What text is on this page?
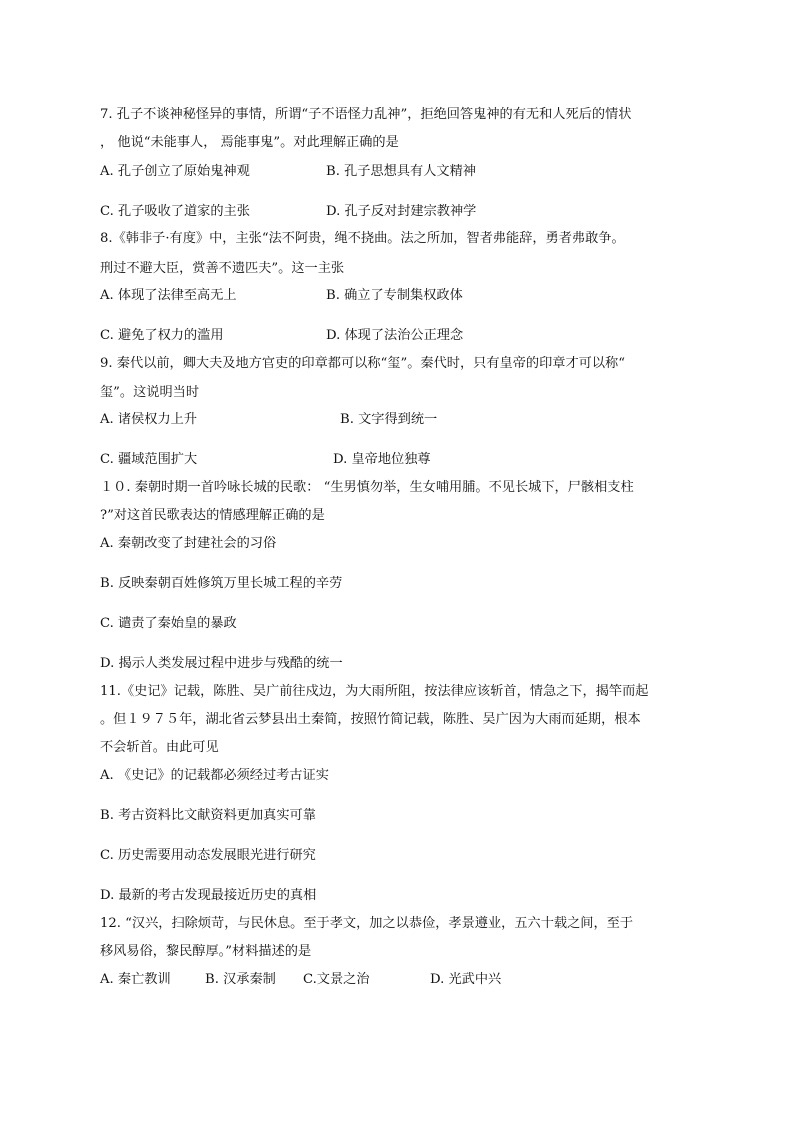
7. 孔子不谈神秘怪异的事情，所谓“子不语怪力乱神”，拒绝回答鬼神的有无和人死后的情状
， 他说“未能事人， 焉能事鬼”。对此理解正确的是
A. 孔子创立了原始鬼神观	B. 孔子思想具有人文精神
C. 孔子吸收了道家的主张	D. 孔子反对封建宗教神学
8.《韩非子·有度》中，主张“法不阿贵，绳不挠曲。法之所加，智者弗能辞，勇者弗敢争。
刑过不避大臣，赏善不遗匹夫”。这一主张
A. 体现了法律至高无上	B. 确立了专制集权政体
C. 避免了权力的滥用	D. 体现了法治公正理念
9. 秦代以前，卿大夫及地方官吏的印章都可以称“玺”。秦代时，只有皇帝的印章才可以称“
玺”。这说明当时
A. 诸侯权力上升	B. 文字得到统一
C. 疆域范围扩大	D. 皇帝地位独尊
１０. 秦朝时期一首吟咏长城的民歌： “生男慎勿举，生女哺用脯。不见长城下，尸骸相支柱
?”对这首民歌表达的情感理解正确的是
A. 秦朝改变了封建社会的习俗
B. 反映秦朝百姓修筑万里长城工程的辛劳
C. 谴责了秦始皇的暴政
D. 揭示人类发展过程中进步与残酷的统一
11.《史记》记载，陈胜、吴广前往戍边，为大雨所阻，按法律应该斩首，情急之下，揭竿而起
。但１９７５年，湖北省云梦县出土秦简，按照竹简记载，陈胜、吴广因为大雨而延期，根本
不会斩首。由此可见
A. 《史记》的记载都必须经过考古证实
B. 考古资料比文献资料更加真实可靠
C. 历史需要用动态发展眼光进行研究
D. 最新的考古发现最接近历史的真相
12. “汉兴，扫除烦苛，与民休息。至于孝文，加之以恭俭，孝景遵业，五六十载之间，至于
移风易俗，黎民醇厚。”材料描述的是
A. 秦亡教训	B. 汉承秦制 C.文景之治	D. 光武中兴
